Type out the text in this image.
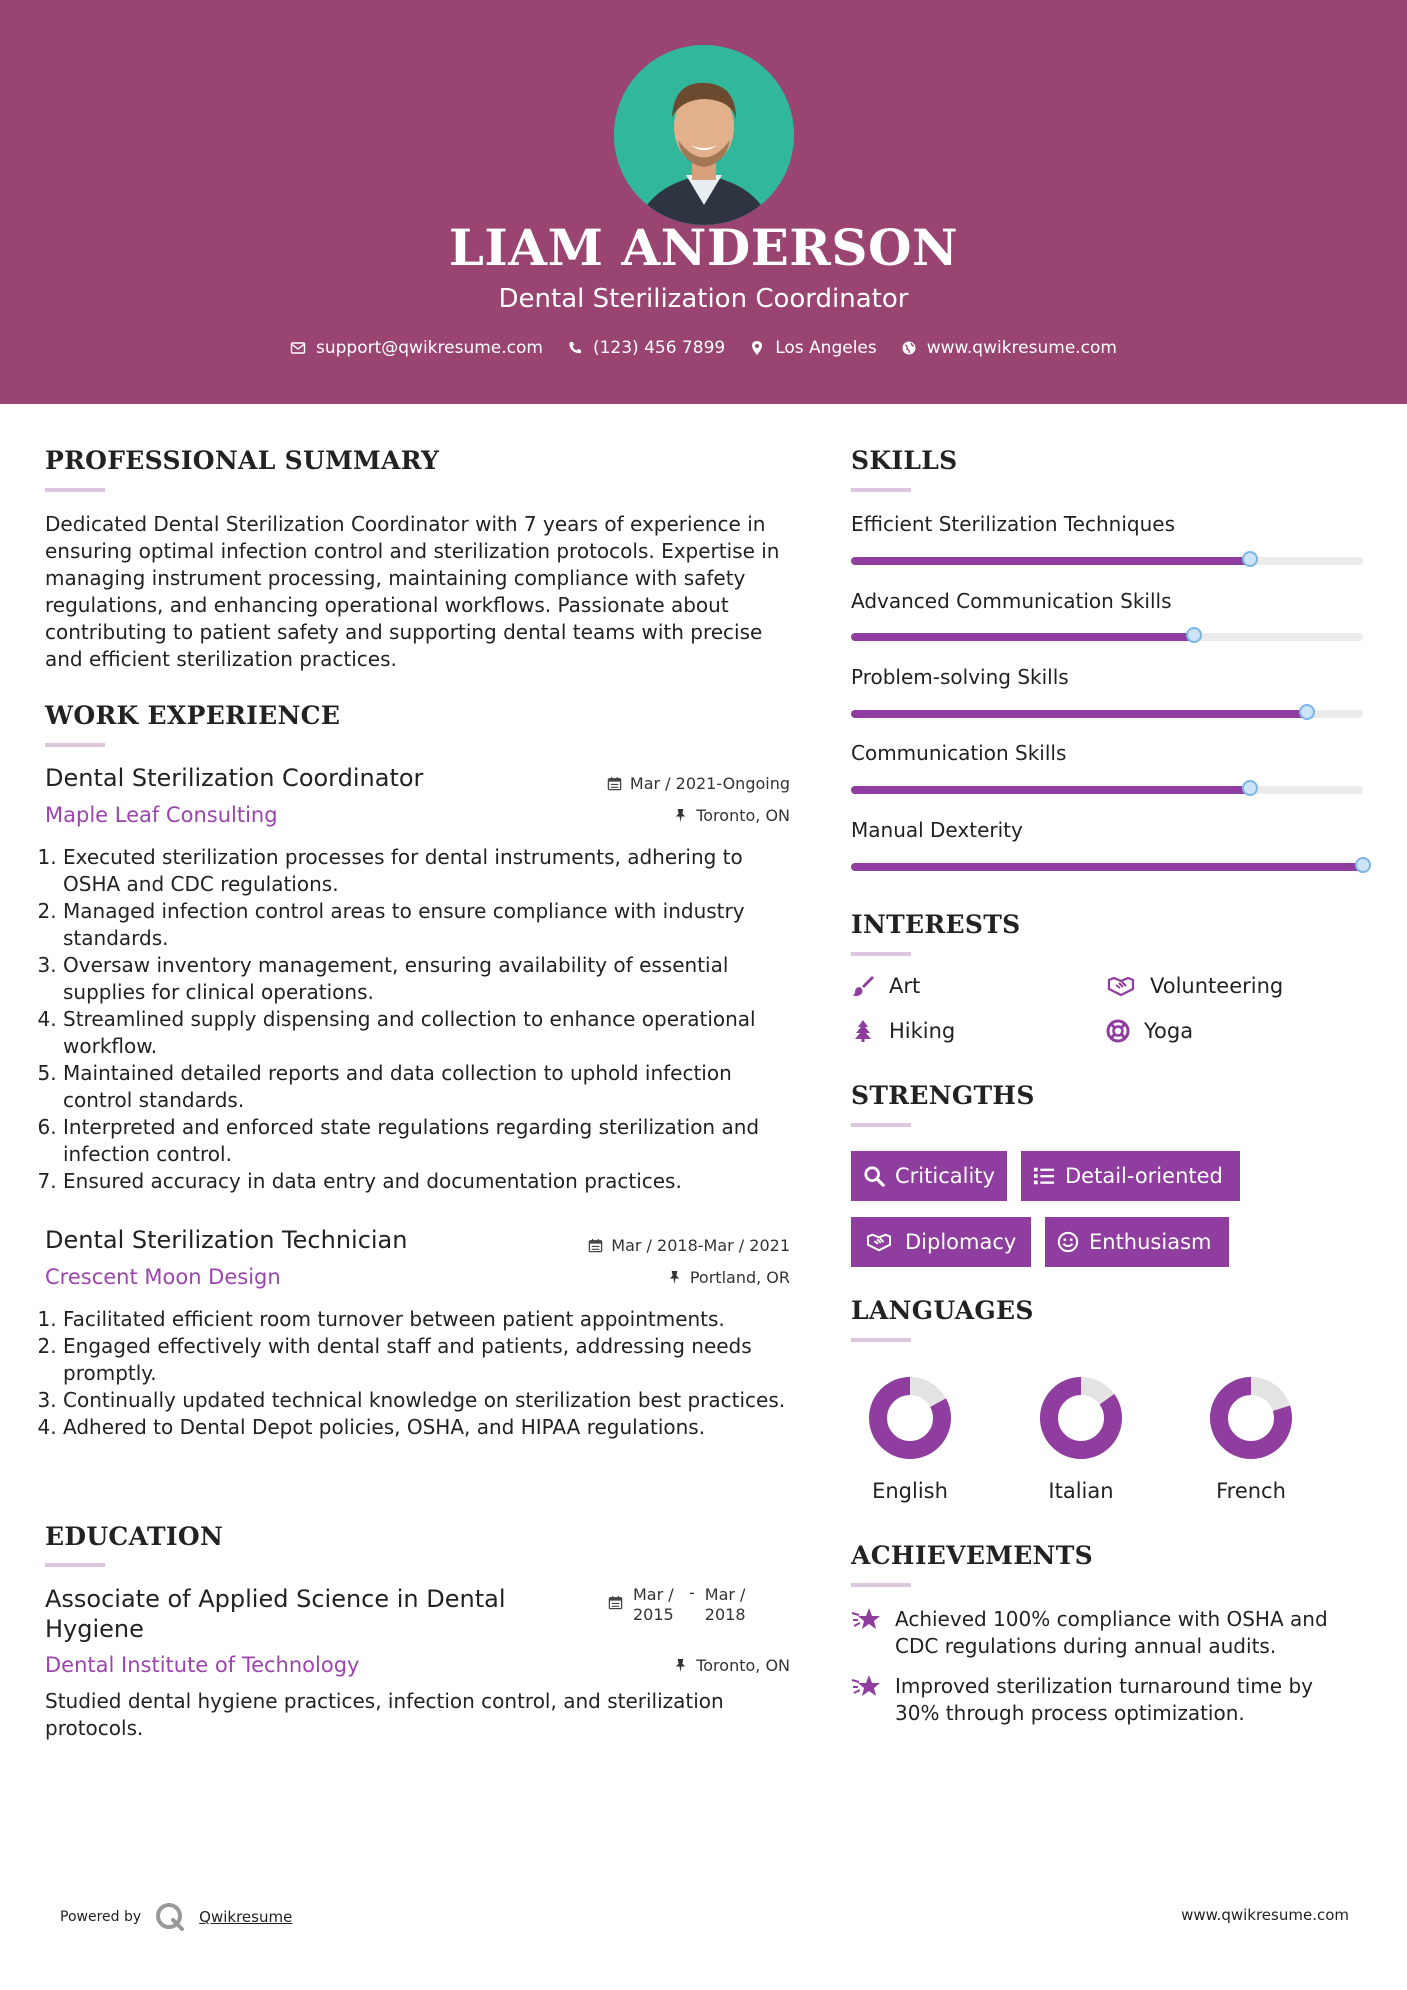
LIAM ANDERSON
Dental Sterilization Coordinator
support@qwikresume.com	(123) 456 7899	Los Angeles	www.qwikresume.com
PROFESSIONAL SUMMARY
Dedicated Dental Sterilization Coordinator with 7 years of experience in ensuring optimal infection control and sterilization protocols. Expertise in managing instrument processing, maintaining compliance with safety regulations, and enhancing operational workflows. Passionate about contributing to patient safety and supporting dental teams with precise and efficient sterilization practices.
WORK EXPERIENCE
Dental Sterilization Coordinator	Mar / 2021-Ongoing
Maple Leaf Consulting	Toronto, ON
1. Executed sterilization processes for dental instruments, adhering to OSHA and CDC regulations.
2. Managed infection control areas to ensure compliance with industry standards.
3. Oversaw inventory management, ensuring availability of essential supplies for clinical operations.
4. Streamlined supply dispensing and collection to enhance operational workflow.
5. Maintained detailed reports and data collection to uphold infection control standards.
6. Interpreted and enforced state regulations regarding sterilization and infection control.
7. Ensured accuracy in data entry and documentation practices.
Dental Sterilization Technician	Mar / 2018-Mar / 2021
Crescent Moon Design	Portland, OR
1. Facilitated efficient room turnover between patient appointments.
2. Engaged effectively with dental staff and patients, addressing needs promptly.
3. Continually updated technical knowledge on sterilization best practices.
4. Adhered to Dental Depot policies, OSHA, and HIPAA regulations.
EDUCATION
Associate of Applied Science in Dental Hygiene
Mar / 2015
- Mar / 2018
Dental Institute of Technology	Toronto, ON
Studied dental hygiene practices, infection control, and sterilization protocols.
SKILLS
Efficient Sterilization Techniques
Advanced Communication Skills
Problem-solving Skills
Communication Skills
Manual Dexterity
INTERESTS
Art	Volunteering
Hiking	Yoga
STRENGTHS
Criticality	Detail-oriented
Diplomacy	Enthusiasm
LANGUAGES
English	Italian	French
ACHIEVEMENTS
Achieved 100% compliance with OSHA and CDC regulations during annual audits.
Improved sterilization turnaround time by 30% through process optimization.
Powered by	Qwikresume	www.qwikresume.com
